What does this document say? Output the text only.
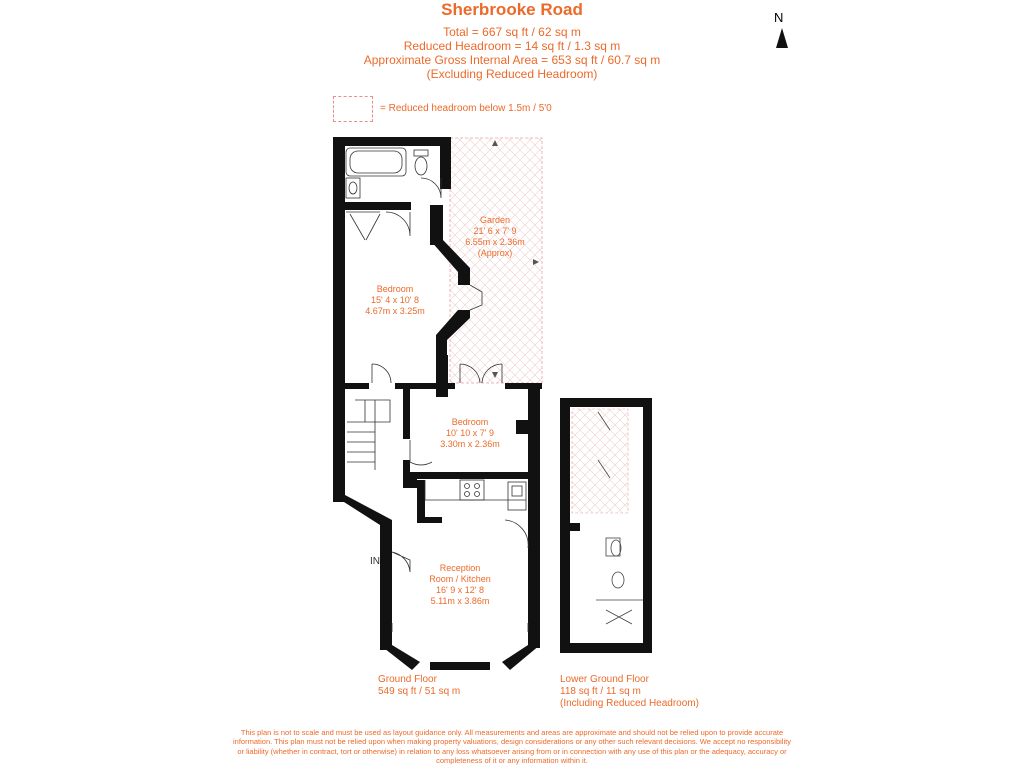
Sherbrooke Road
Total = 667 sq ft / 62 sq m
Reduced Headroom = 14 sq ft / 1.3 sq m
Approximate Gross Internal Area = 653 sq ft / 60.7 sq m
(Excluding Reduced Headroom)
N
= Reduced headroom below 1.5m / 5'0
Garden
21' 6 x 7' 9
6.55m x 2.36m
(Approx)
Bedroom
15' 4 x 10' 8
4.67m x 3.25m
Bedroom
10' 10 x 7' 9
3.30m x 2.36m
Reception
Room / Kitchen
16' 9 x 12' 8
5.11m x 3.86m
IN
Ground Floor
549 sq ft / 51 sq m
Lower Ground Floor
118 sq ft / 11 sq m
(Including Reduced Headroom)
This plan is not to scale and must be used as layout guidance only. All measurements and areas are approximate and should not be relied upon to provide accurate information. This plan must not be relied upon when making property valuations, design considerations or any other such relevant decisions. We accept no responsibility or liability (whether in contract, tort or otherwise) in relation to any loss whatsoever arising from or in connection with any use of this plan or the adequacy, accuracy or completeness of it or any information within it.
